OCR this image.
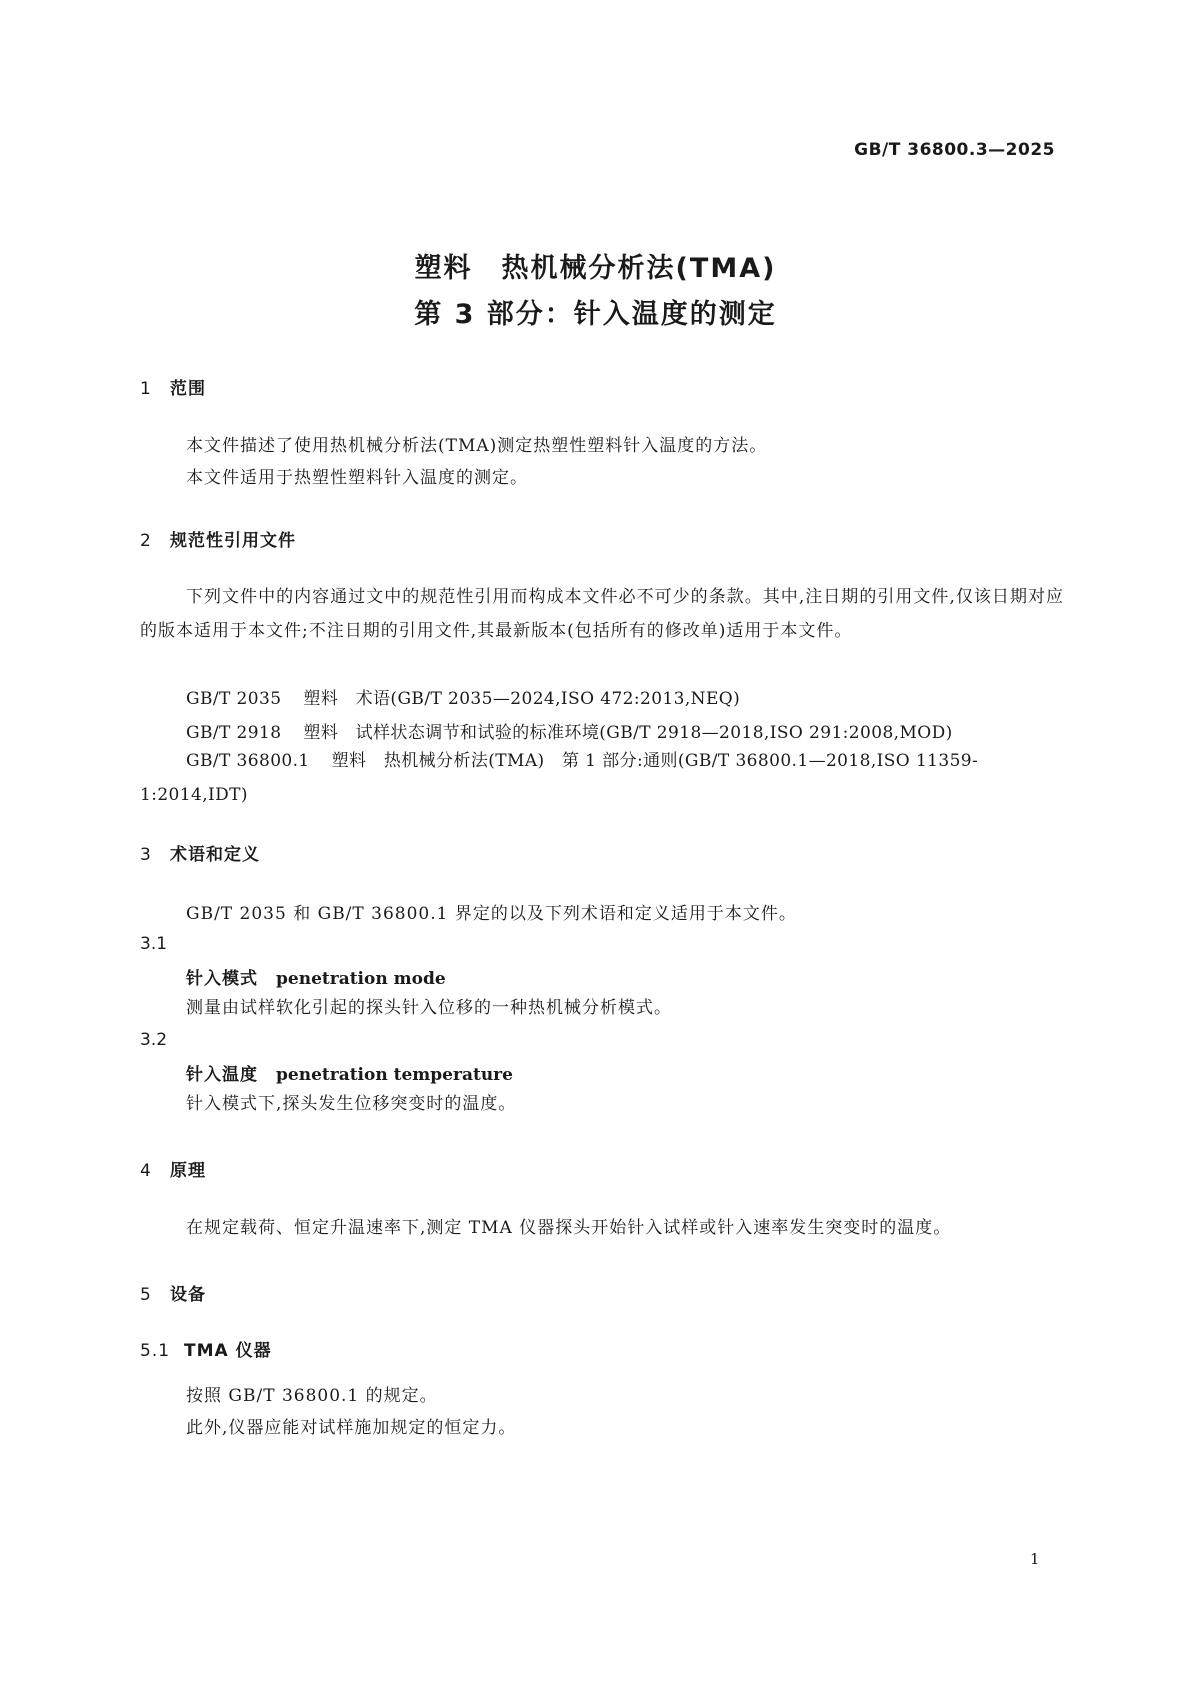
GB/T 36800.3—2025
塑料　热机械分析法(TMA)
第 3 部分：针入温度的测定
1 范围
本文件描述了使用热机械分析法(TMA)测定热塑性塑料针入温度的方法。
本文件适用于热塑性塑料针入温度的测定。
2 规范性引用文件
下列文件中的内容通过文中的规范性引用而构成本文件必不可少的条款。其中,注日期的引用文件,仅该日期对应的版本适用于本文件;不注日期的引用文件,其最新版本(包括所有的修改单)适用于本文件。
GB/T 2035 塑料　术语(GB/T 2035—2024,ISO 472:2013,NEQ)
GB/T 2918 塑料　试样状态调节和试验的标准环境(GB/T 2918—2018,ISO 291:2008,MOD)
GB/T 36800.1 塑料　热机械分析法(TMA)　第 1 部分:通则(GB/T 36800.1—2018,ISO 11359-1:2014,IDT)
3 术语和定义
GB/T 2035 和 GB/T 36800.1 界定的以及下列术语和定义适用于本文件。
3.1
针入模式 penetration mode
测量由试样软化引起的探头针入位移的一种热机械分析模式。
3.2
针入温度 penetration temperature
针入模式下,探头发生位移突变时的温度。
4 原理
在规定载荷、恒定升温速率下,测定 TMA 仪器探头开始针入试样或针入速率发生突变时的温度。
5 设备
5.1 TMA 仪器
按照 GB/T 36800.1 的规定。
此外,仪器应能对试样施加规定的恒定力。
1
